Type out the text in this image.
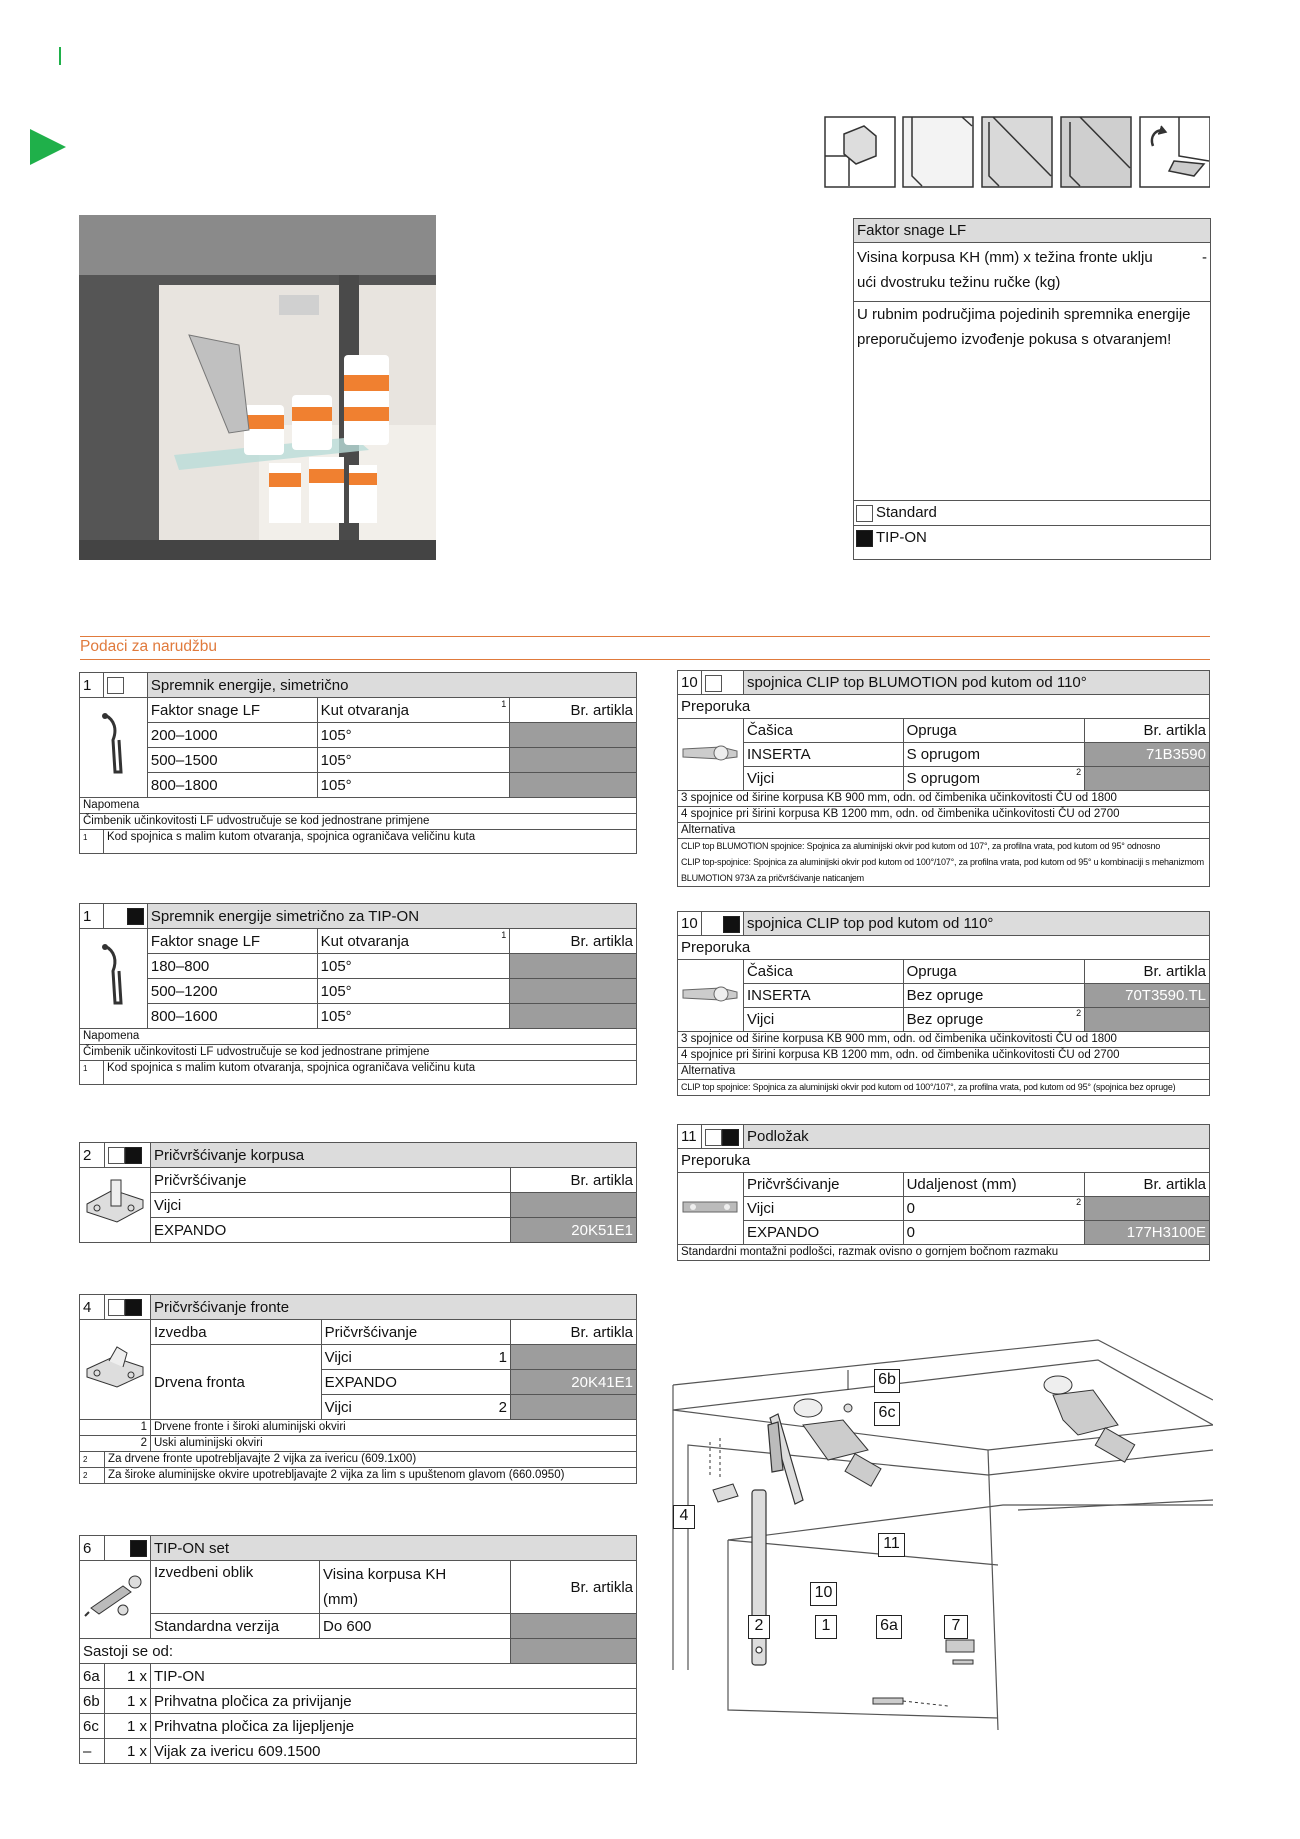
Faktor snage LF
Visina korpusa KH (mm) x težina fronte uklju	-

ući dvostruku težinu ručke (kg)
U rubnim područjima pojedinih spremnika energije preporučujemo izvođenje pokusa s otvaranjem!
Standard
TIP-ON
Podaci za narudžbu
1		Spremnik energije, simetrično		
	Faktor snage LF	Kut otvaranja 1	Br. artikla
		200–1000	105°	
		500–1500	105°	
		800–1800	105°	
Napomena				
Čimbenik učinkovitosti LF udvostručuje se kod jednostrane primjene				
1	Kod spojnica s malim kutom otvaranja, spojnica ograničava veličinu kuta			
1		Spremnik energije simetrično za TIP-ON		
	Faktor snage LF	Kut otvaranja 1	Br. artikla
		180–800	105°	
		500–1200	105°	
		800–1600	105°	
Napomena				
Čimbenik učinkovitosti LF udvostručuje se kod jednostrane primjene				
1	Kod spojnica s malim kutom otvaranja, spojnica ograničava veličinu kuta			
2		Pričvršćivanje korpusa	
	Pričvršćivanje	Br. artikla
		Vijci	
		EXPANDO	20K51E1
4		Pričvršćivanje fronte		
	Izvedba	Pričvršćivanje	Br. artikla
			Vijci 1	

		Drvena fronta	EXPANDO	20K41E1
			Vijci 2	

1		Drvene fronte i široki aluminijski okviri		
2		Uski aluminijski okviri		
2	Za drvene fronte upotrebljavajte 2 vijka za ivericu (609.1x00)			
2	Za široke aluminijske okvire upotrebljavajte 2 vijka za lim s upuštenom glavom (660.0950)			
6		TIP-ON set		
	Izvedbeni oblik	Visina korpusa KH
(mm)	Br. artikla
		Standardna verzija	Do 600	
Sastoji se od:				
6a	1 x	TIP-ON		
6b	1 x	Prihvatna pločica za privijanje		
6c	1 x	Prihvatna pločica za lijepljenje		
–	1 x	Vijak za ivericu 609.1500		
10		spojnica CLIP top BLUMOTION pod kutom od 110°		
Preporuka				
	Čašica	Opruga	Br. artikla
		INSERTA	S oprugom	71B3590
		Vijci	S oprugom 2	

3 spojnice od širine korpusa KB 900 mm, odn. od čimbenika učinkovitosti ČU od 1800				
4 spojnice pri širini korpusa KB 1200 mm, odn. od čimbenika učinkovitosti ČU od 2700				
Alternativa				
CLIP top BLUMOTION spojnice: Spojnica za aluminijski okvir pod kutom od 107°, za profilna vrata, pod kutom od 95° odnosno				
CLIP top-spojnice: Spojnica za aluminijski okvir pod kutom od 100°/107°, za profilna vrata, pod kutom od 95° u kombinaciji s mehanizmom				
BLUMOTION 973A za pričvršćivanje naticanjem				
10		spojnica CLIP top pod kutom od 110°		
Preporuka				
	Čašica	Opruga	Br. artikla
		INSERTA	Bez opruge	70T3590.TL
		Vijci	Bez opruge 2	

3 spojnice od širine korpusa KB 900 mm, odn. od čimbenika učinkovitosti ČU od 1800				
4 spojnice pri širini korpusa KB 1200 mm, odn. od čimbenika učinkovitosti ČU od 2700				
Alternativa				
CLIP top spojnice: Spojnica za aluminijski okvir pod kutom od 100°/107°, za profilna vrata, pod kutom od 95° (spojnica bez opruge)				
11		Podložak		
Preporuka				
	Pričvršćivanje	Udaljenost (mm)	Br. artikla
		Vijci	0 2	

		EXPANDO	0	177H3100E
Standardni montažni podlošci, razmak ovisno o gornjem bočnom razmaku				
6b
6c
4
11
10
2	1	6a	7
